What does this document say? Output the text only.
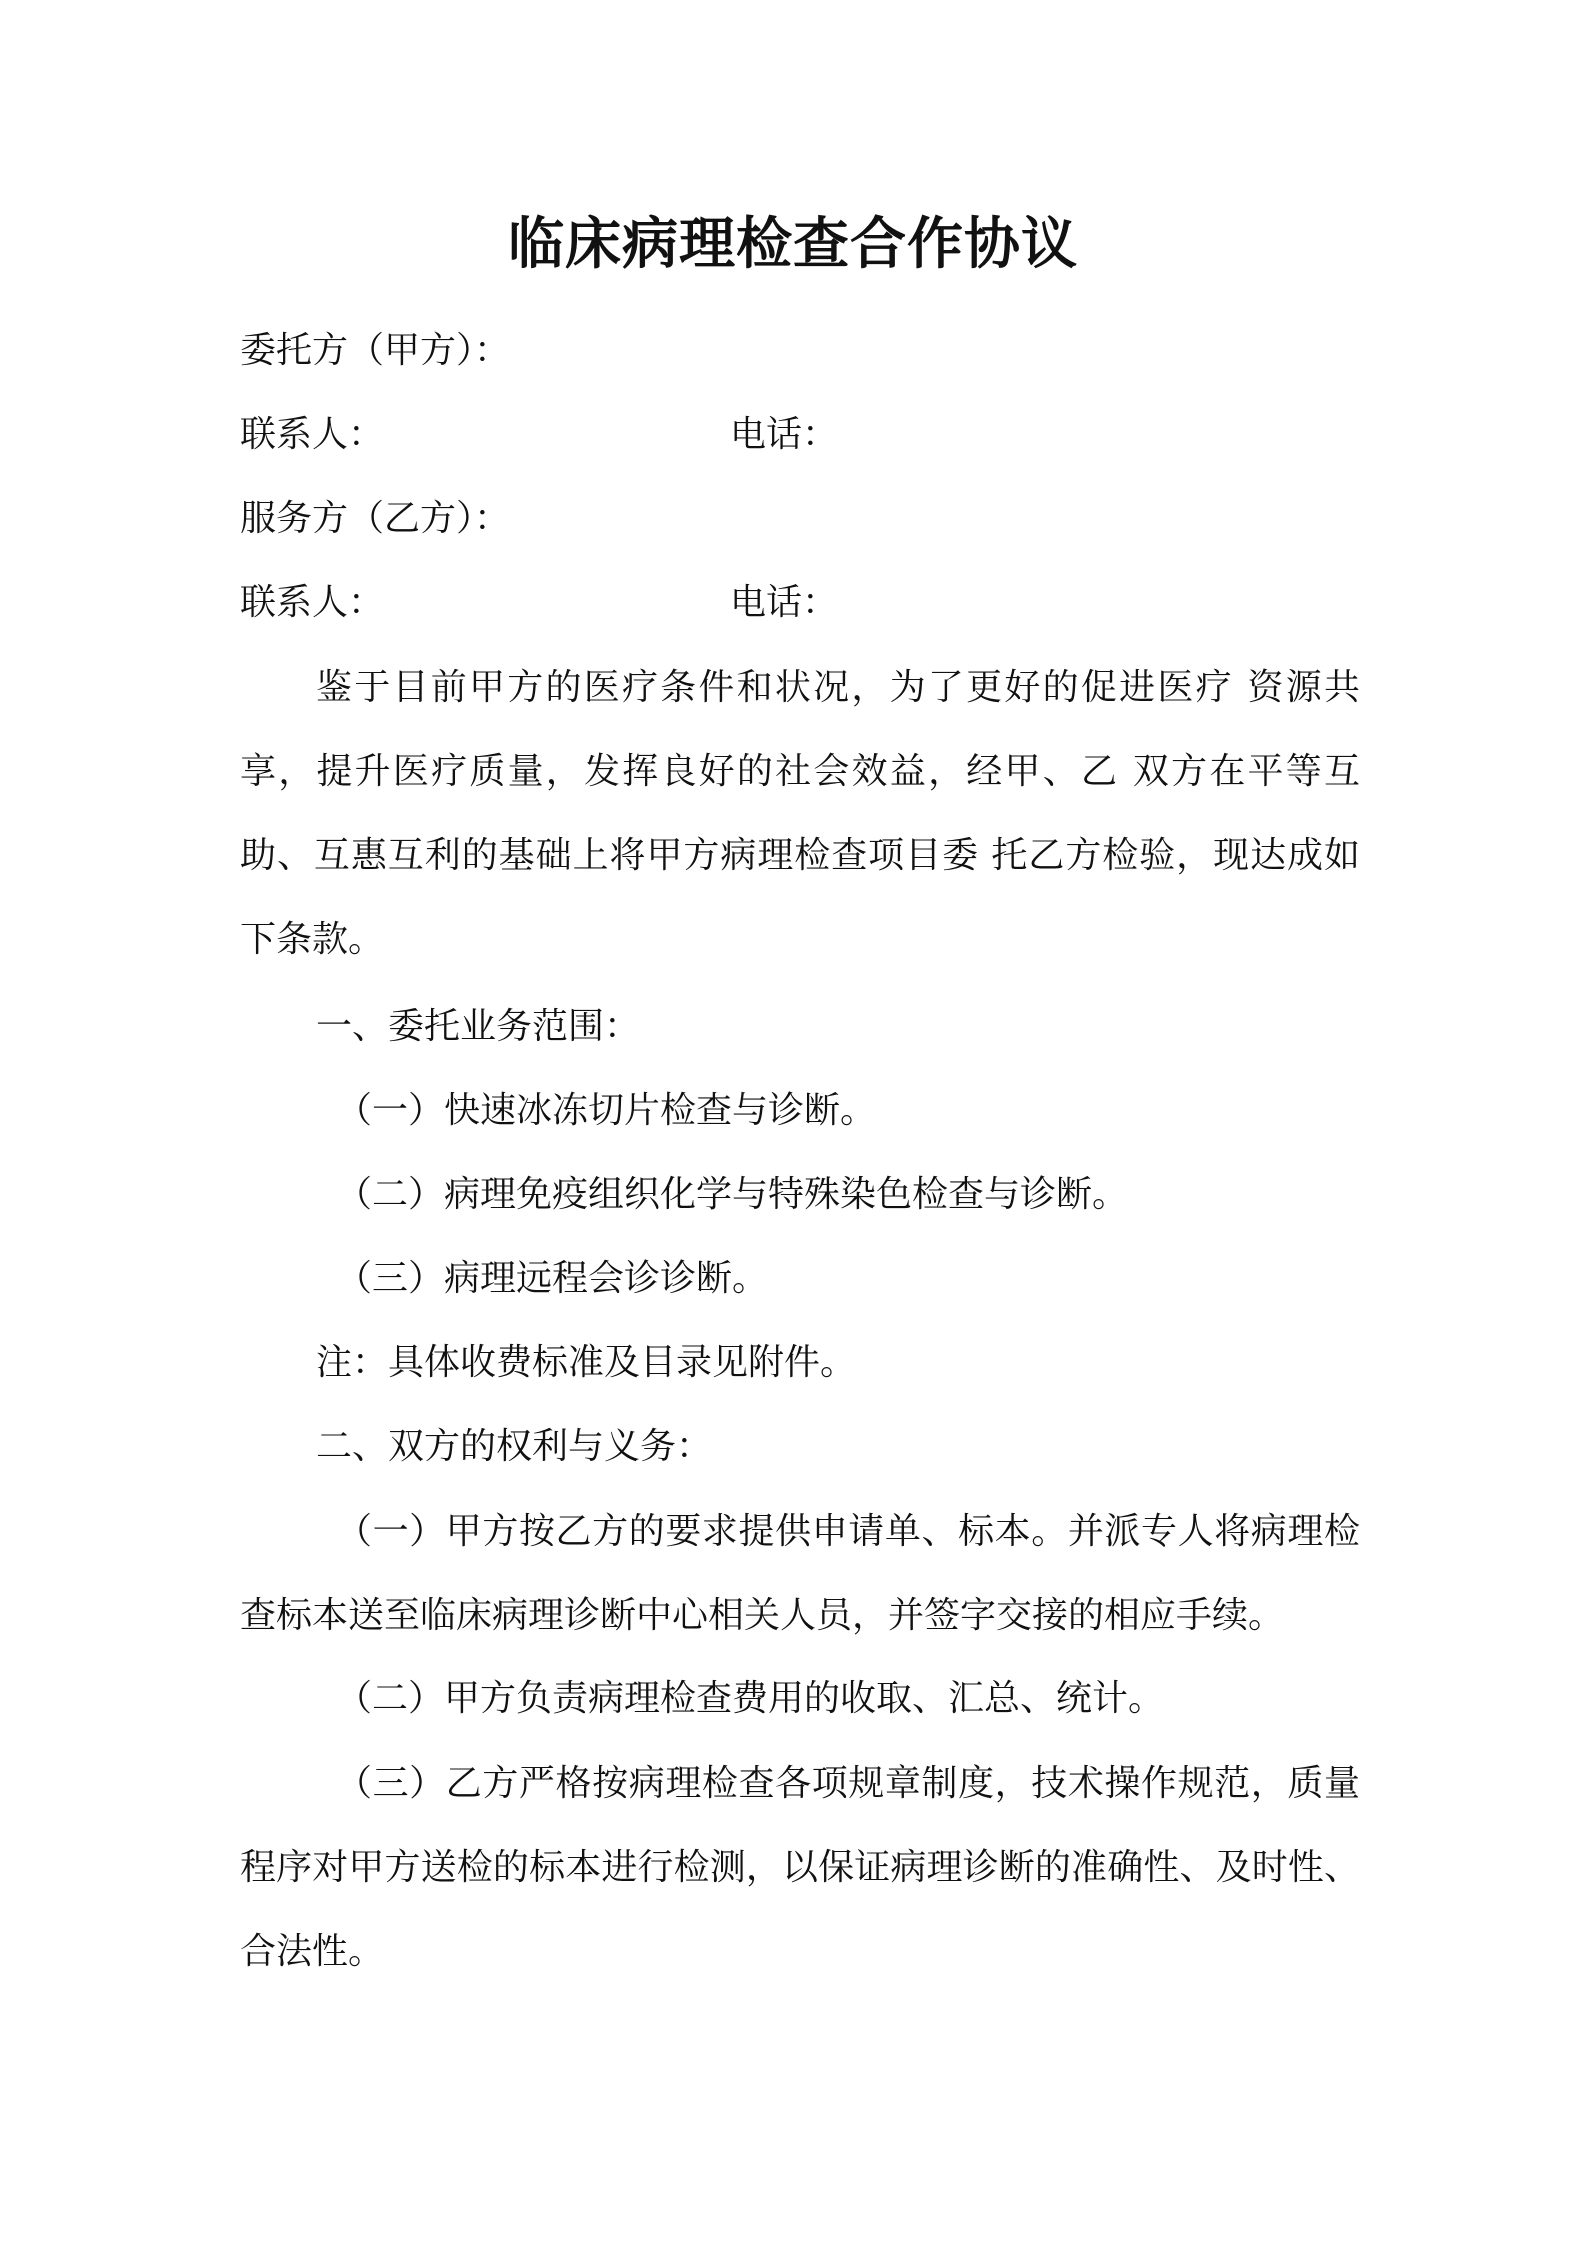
临床病理检查合作协议
委托方（甲方）：
联系人：	电话：
服务方（乙方）：
联系人：	电话：

鉴于目前甲方的医疗条件和状况，为了更好的促进医疗 资源共享，提升医疗质量，发挥良好的社会效益，经甲、乙 双方在平等互助、互惠互利的基础上将甲方病理检查项目委 托乙方检验，现达成如下条款。

一、委托业务范围：
（一）快速冰冻切片检查与诊断。
（二）病理免疫组织化学与特殊染色检查与诊断。
（三）病理远程会诊诊断。
注：具体收费标准及目录见附件。
二、双方的权利与义务：

（一）甲方按乙方的要求提供申请单、标本。并派专人将病理检查标本送至临床病理诊断中心相关人员，并签字交接的相应手续。

（二）甲方负责病理检查费用的收取、汇总、统计。

（三）乙方严格按病理检查各项规章制度，技术操作规范，质量程序对甲方送检的标本进行检测，以保证病理诊断的准确性、及时性、合法性。
